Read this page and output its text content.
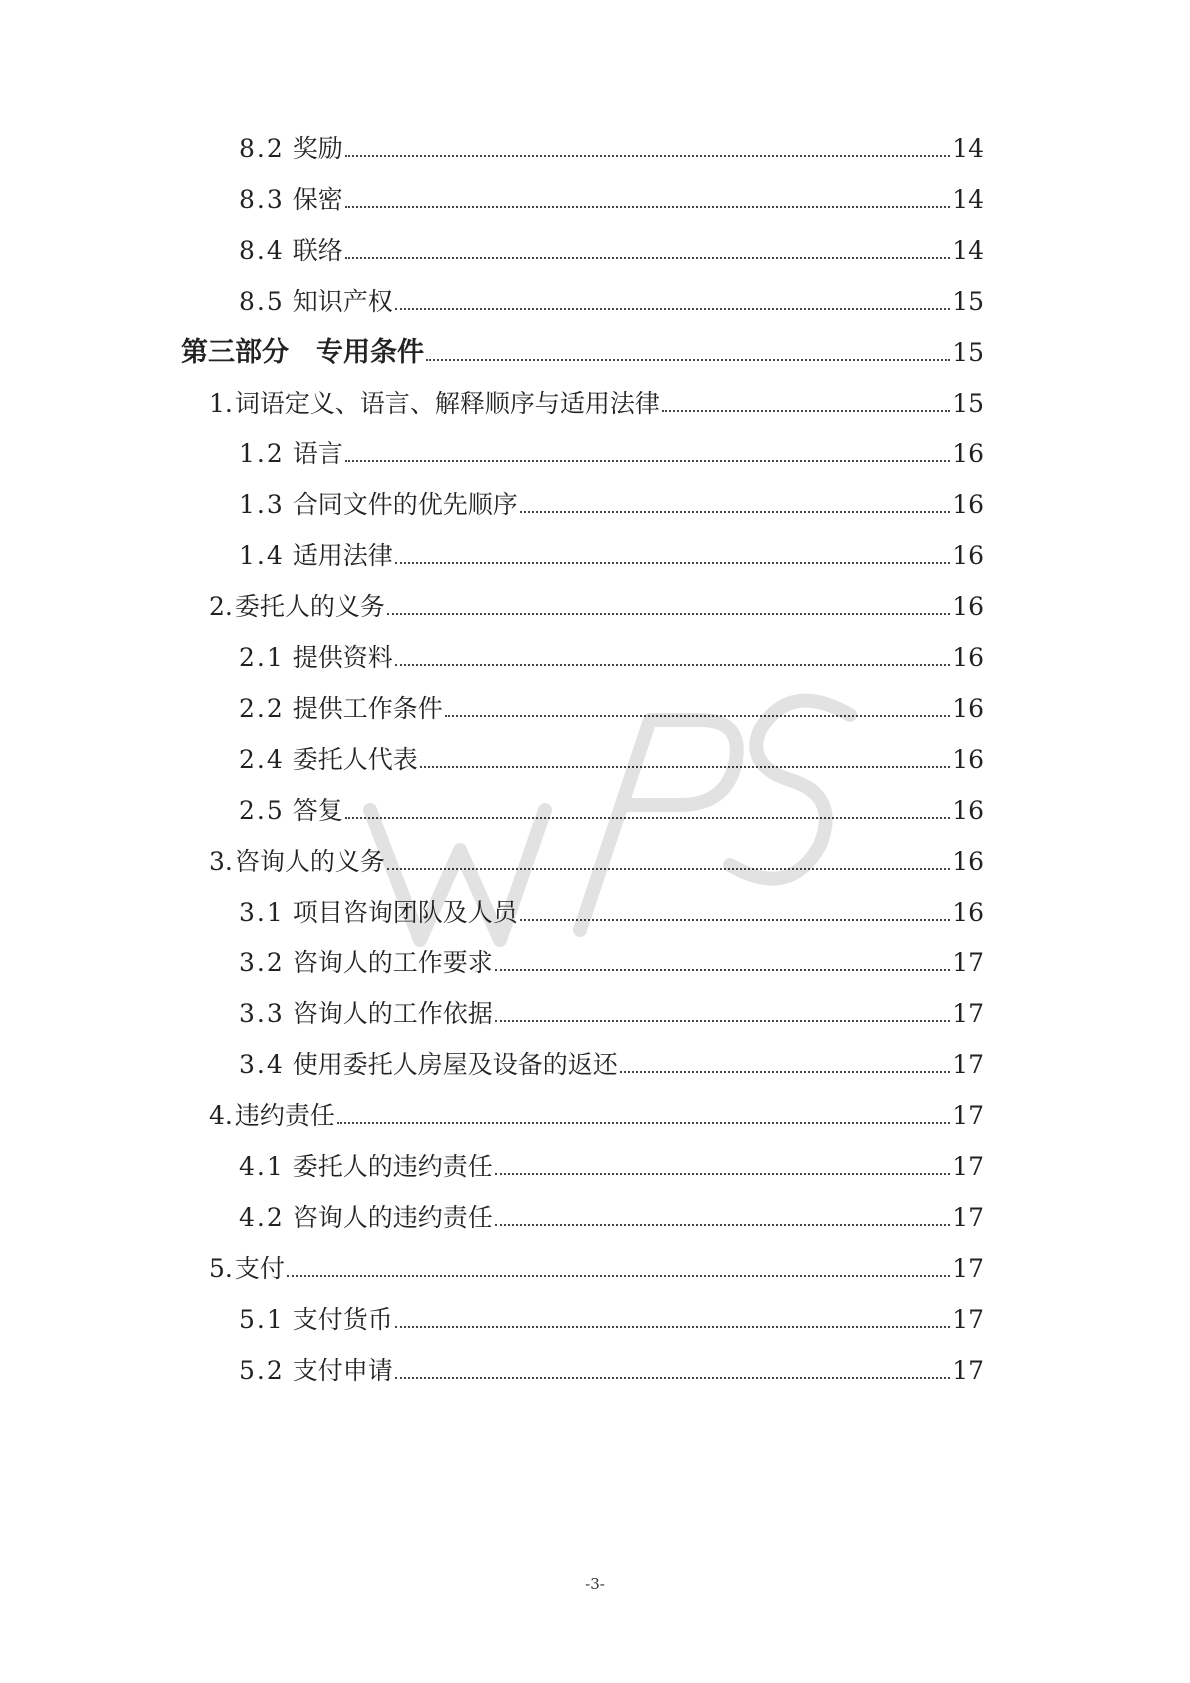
8.2 奖励	14
8.3 保密	14
8.4 联络	14
8.5 知识产权	15
第三部分　专用条件	15
1. 词语定义、语言、解释顺序与适用法律	15
1.2 语言	16
1.3 合同文件的优先顺序	16
1.4 适用法律	16
2. 委托人的义务	16
2.1 提供资料	16
2.2 提供工作条件	16
2.4 委托人代表	16
2.5 答复	16
3. 咨询人的义务	16
3.1 项目咨询团队及人员	16
3.2 咨询人的工作要求	17
3.3 咨询人的工作依据	17
3.4 使用委托人房屋及设备的返还	17
4. 违约责任	17
4.1 委托人的违约责任	17
4.2 咨询人的违约责任	17
5. 支付	17
5.1 支付货币	17
5.2 支付申请	17
-3-
